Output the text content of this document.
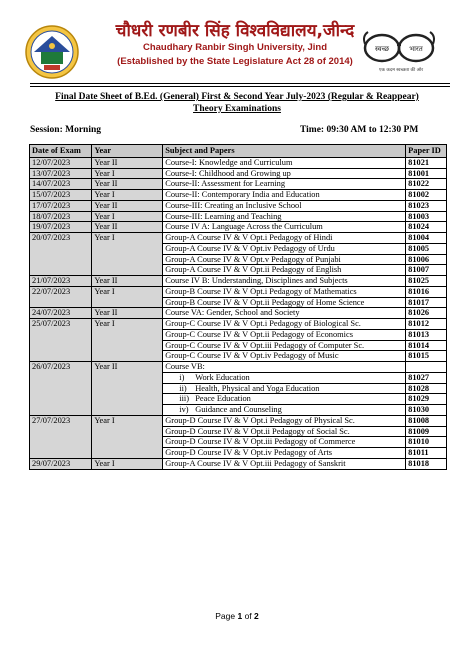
चौधरी रणबीर सिंह विश्वविद्यालय,जीन्द
Chaudhary Ranbir Singh University, Jind
(Established by the State Legislature Act 28 of 2014)
स्वच्छ	भारत
एक कदम स्वच्छता की ओर
Final Date Sheet of B.Ed. (General) First & Second Year July-2023 (Regular & Reappear)
Theory Examinations
Session: Morning	Time: 09:30 AM to 12:30 PM
Date of Exam	Year	Subject and Papers	Paper ID
12/07/2023	Year II	Course-I: Knowledge and Curriculum	81021
13/07/2023	Year I	Course-I: Childhood and Growing up	81001
14/07/2023	Year II	Course-II: Assessment for Learning	81022
15/07/2023	Year I	Course-II: Contemporary India and Education	81002
17/07/2023	Year II	Course-III: Creating an Inclusive School	81023
18/07/2023	Year I	Course-III: Learning and Teaching	81003
19/07/2023	Year II	Course IV A: Language Across the Curriculum	81024
20/07/2023	Year I	Group-A Course IV & V Opt.i Pedagogy of Hindi	81004
		Group-A Course IV & V Opt.iv Pedagogy of Urdu	81005
		Group-A Course IV & V Opt.v Pedagogy of Punjabi	81006
		Group-A Course IV & V Opt.ii Pedagogy of English	81007
21/07/2023	Year II	Course IV B: Understanding, Disciplines and Subjects	81025
22/07/2023	Year I	Group-B Course IV & V Opt.i Pedagogy of Mathematics	81016
		Group-B Course IV & V Opt.ii Pedagogy of Home Science	81017
24/07/2023	Year II	Course VA: Gender, School and Society	81026
25/07/2023	Year I	Group-C Course IV & V Opt.i Pedagogy of Biological Sc.	81012
		Group-C Course IV & V Opt.ii Pedagogy of Economics	81013
		Group-C Course IV & V Opt.iii Pedagogy of Computer Sc.	81014
		Group-C Course IV & V Opt.iv Pedagogy of Music	81015
26/07/2023	Year II	Course VB:	

		i) Work Education	81027

		ii) Health, Physical and Yoga Education	81028

		iii) Peace Education	81029

		iv) Guidance and Counseling	81030
27/07/2023	Year I	Group-D Course IV & V Opt.i Pedagogy of Physical Sc.	81008
		Group-D Course IV & V Opt.ii Pedagogy of Social Sc.	81009
		Group-D Course IV & V Opt.iii Pedagogy of Commerce	81010
		Group-D Course IV & V Opt.iv Pedagogy of Arts	81011
29/07/2023	Year I	Group-A Course IV & V Opt.iii Pedagogy of Sanskrit	81018
Page 1 of 2
